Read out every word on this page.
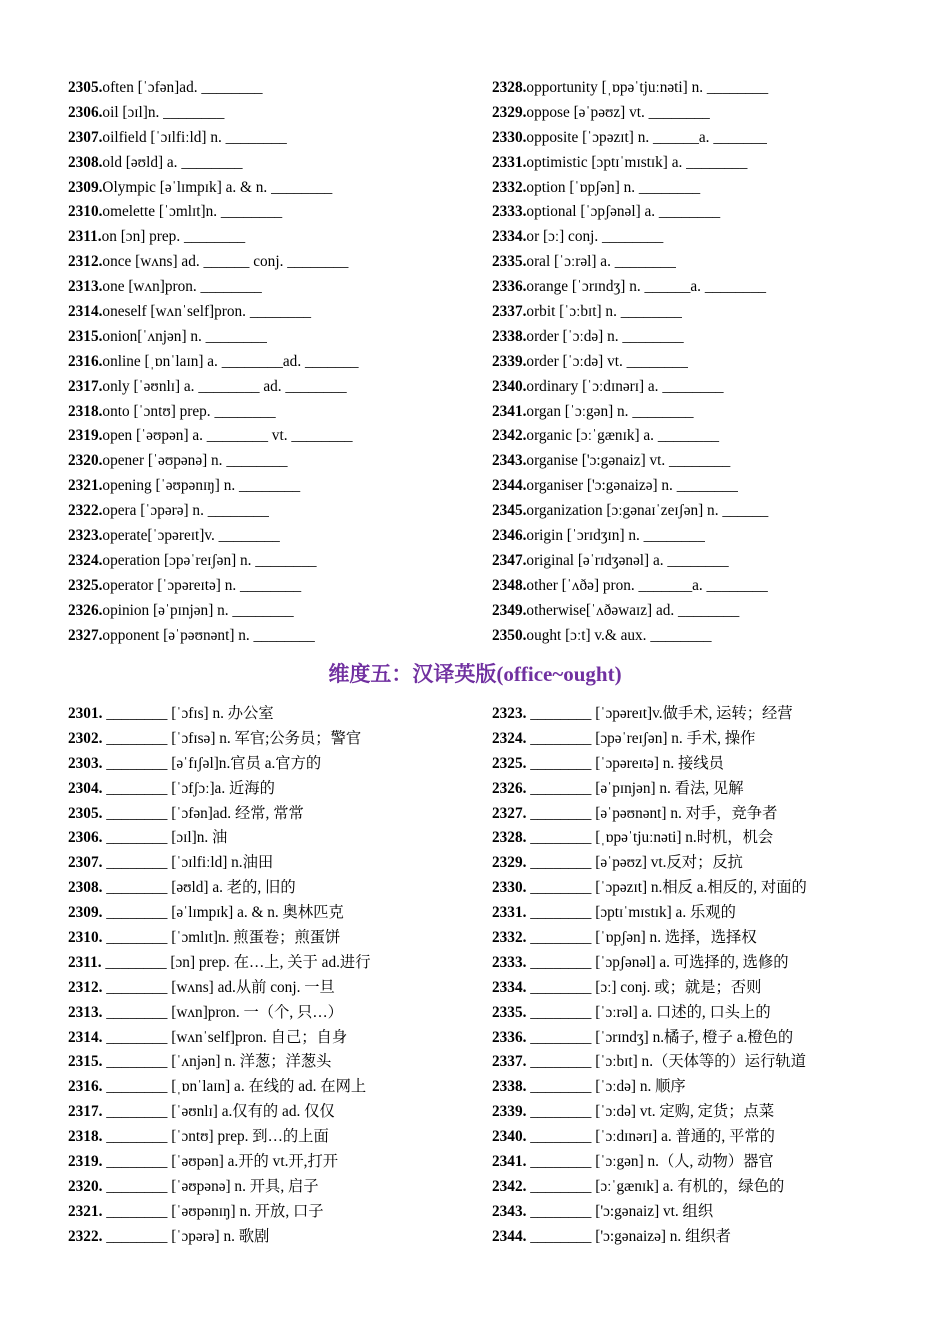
2305.often [ˈɔfən]ad. ________
2306.oil [ɔɪl]n. ________
2307.oilfield [ˈɔɪlfiːld] n. ________
2308.old [əʊld] a. ________
2309.Olympic [əˈlɪmpɪk] a. & n. ________
2310.omelette [ˈɔmlɪt]n. ________
2311.on [ɔn] prep. ________
2312.once [wʌns] ad. ______ conj. ________
2313.one [wʌn]pron. ________
2314.oneself [wʌnˈself]pron. ________
2315.onion[ˈʌnjən] n. ________
2316.online [ˌɒnˈlaɪn] a. ________ad. _______
2317.only [ˈəʊnlɪ] a. ________ ad. ________
2318.onto [ˈɔntʊ] prep. ________
2319.open [ˈəʊpən] a. ________ vt. ________
2320.opener [ˈəʊpənə] n. ________
2321.opening [ˈəʊpənɪŋ] n. ________
2322.opera [ˈɔpərə] n. ________
2323.operate[ˈɔpəreɪt]v. ________
2324.operation [ɔpəˈreɪʃən] n. ________
2325.operator [ˈɔpəreɪtə] n. ________
2326.opinion [əˈpɪnjən] n. ________
2327.opponent [əˈpəʊnənt] n. ________
2328.opportunity [ˌɒpəˈtjuːnəti] n. ________
2329.oppose [əˈpəʊz] vt. ________
2330.opposite [ˈɔpəzɪt] n. ______a. _______
2331.optimistic [ɔptɪˈmɪstɪk] a. ________
2332.option [ˈɒpʃən] n. ________
2333.optional [ˈɔpʃənəl] a. ________
2334.or [ɔː] conj. ________
2335.oral [ˈɔːrəl] a. ________
2336.orange [ˈɔrɪndʒ] n. ______a. ________
2337.orbit [ˈɔːbɪt] n. ________
2338.order [ˈɔːdə] n. ________
2339.order [ˈɔːdə] vt. ________
2340.ordinary [ˈɔːdɪnərɪ] a. ________
2341.organ [ˈɔːgən] n. ________
2342.organic [ɔːˈgænɪk] a. ________
2343.organise ['ɔ:gənaiz] vt. ________
2344.organiser ['ɔ:gənaizə] n. ________
2345.organization [ɔːgənaɪˈzeɪʃən] n. ______
2346.origin [ˈɔrɪdʒɪn] n. ________
2347.original [əˈrɪdʒənəl] a. ________
2348.other [ˈʌðə] pron. _______a. ________
2349.otherwise[ˈʌðəwaɪz] ad. ________
2350.ought [ɔːt] v.& aux. ________
维度五：汉译英版(office~ought)
2301. ________ [ˈɔfɪs] n. 办公室
2302. ________ [ˈɔfɪsə] n. 军官;公务员；警官
2303. ________ [əˈfɪʃəl]n.官员 a.官方的
2304. ________ [ˈɔfʃɔː]a. 近海的
2305. ________ [ˈɔfən]ad. 经常, 常常
2306. ________ [ɔɪl]n. 油
2307. ________ [ˈɔɪlfiːld] n.油田
2308. ________ [əʊld] a. 老的, 旧的
2309. ________ [əˈlɪmpɪk] a. & n. 奥林匹克
2310. ________ [ˈɔmlɪt]n. 煎蛋卷；煎蛋饼
2311. ________ [ɔn] prep. 在…上, 关于 ad.进行
2312. ________ [wʌns] ad.从前 conj. 一旦
2313. ________ [wʌn]pron. 一（个, 只…）
2314. ________ [wʌnˈself]pron. 自己；自身
2315. ________ [ˈʌnjən] n. 洋葱；洋葱头
2316. ________ [ˌɒnˈlaɪn] a. 在线的 ad. 在网上
2317. ________ [ˈəʊnlɪ] a.仅有的 ad. 仅仅
2318. ________ [ˈɔntʊ] prep. 到…的上面
2319. ________ [ˈəʊpən] a.开的 vt.开,打开
2320. ________ [ˈəʊpənə] n. 开具, 启子
2321. ________ [ˈəʊpənɪŋ] n. 开放, 口子
2322. ________ [ˈɔpərə] n. 歌剧
2323. ________ [ˈɔpəreɪt]v.做手术, 运转；经营
2324. ________ [ɔpəˈreɪʃən] n. 手术, 操作
2325. ________ [ˈɔpəreɪtə] n. 接线员
2326. ________ [əˈpɪnjən] n. 看法, 见解
2327. ________ [əˈpəʊnənt] n. 对手，竞争者
2328. ________ [ˌɒpəˈtjuːnəti] n.时机，机会
2329. ________ [əˈpəʊz] vt.反对；反抗
2330. ________ [ˈɔpəzɪt] n.相反 a.相反的, 对面的
2331. ________ [ɔptɪˈmɪstɪk] a. 乐观的
2332. ________ [ˈɒpʃən] n. 选择，选择权
2333. ________ [ˈɔpʃənəl] a. 可选择的, 选修的
2334. ________ [ɔː] conj. 或；就是；否则
2335. ________ [ˈɔːrəl] a. 口述的, 口头上的
2336. ________ [ˈɔrɪndʒ] n.橘子, 橙子 a.橙色的
2337. ________ [ˈɔːbɪt] n.（天体等的）运行轨道
2338. ________ [ˈɔːdə] n. 顺序
2339. ________ [ˈɔːdə] vt. 定购, 定货；点菜
2340. ________ [ˈɔːdɪnərɪ] a. 普通的, 平常的
2341. ________ [ˈɔːgən] n.（人, 动物）器官
2342. ________ [ɔːˈgænɪk] a. 有机的，绿色的
2343. ________ ['ɔ:gənaiz] vt. 组织
2344. ________ ['ɔ:gənaizə] n. 组织者
